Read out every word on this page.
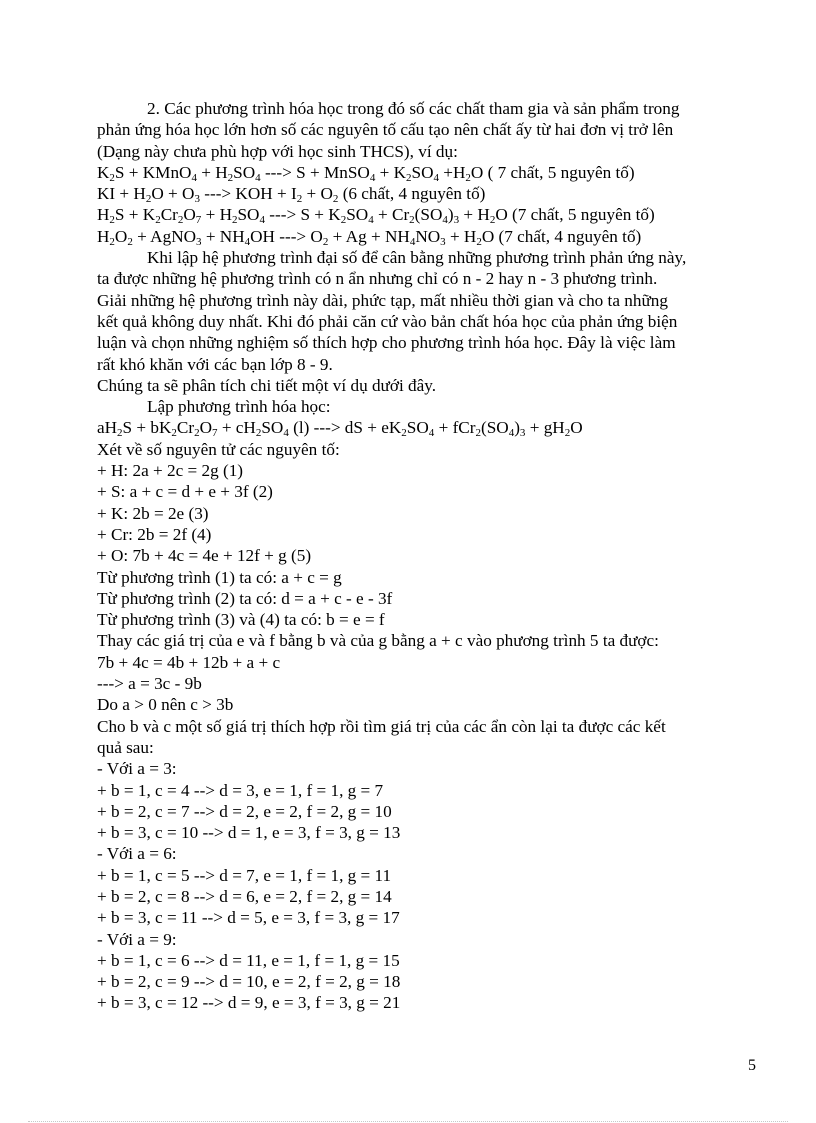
2. Các phương trình hóa học trong đó số các chất tham gia và sản phẩm trong
phản ứng hóa học lớn hơn số các nguyên tố cấu tạo nên chất ấy từ hai đơn vị trở lên
(Dạng này chưa phù hợp với học sinh THCS), ví dụ:
$K_2S$ + KMnO$_4$ + $H_2SO_4$ ---> S + MnSO$_4$ + $K_2SO_4 +H_2O$ ( 7 chất, 5 nguyên tố)
KI + $H_2O + O_3$ ---> KOH + $I_2 + O_2$ (6 chất, 4 nguyên tố)
$H_2S + K_2Cr_2O_7 + H_2SO_4$ ---> $S + K_2SO_4 + Cr_2(SO_4)_3 + H_2O$ (7 chất, 5 nguyên tố)
$H_2O_2$ + AgNO$_3$ + $NH_4OH$ ---> $O_2 + Ag + NH_4NO_3 + H_2O$ (7 chất, 4 nguyên tố)
Khi lập hệ phương trình đại số để cân bằng những phương trình phản ứng này,
ta được những hệ phương trình có n ẩn nhưng chỉ có n - 2 hay n - 3 phương trình.
Giải những hệ phương trình này dài, phức tạp, mất nhiều thời gian và cho ta những
kết quả không duy nhất. Khi đó phải căn cứ vào bản chất hóa học của phản ứng biện
luận và chọn những nghiệm số thích hợp cho phương trình hóa học. Đây là việc làm
rất khó khăn với các bạn lớp 8 - 9.
Chúng ta sẽ phân tích chi tiết một ví dụ dưới đây.
Lập phương trình hóa học:
$aH_2S + bK_2Cr_2O_7 + cH_2SO_4$ (l) ---> dS + $eK_2SO_4 + fCr_2(SO_4)_3 + gH_2O$
Xét về số nguyên tử các nguyên tố:
+ H: 2a + 2c = 2g (1)
+ S: a + c = d + e + 3f (2)
+ K: 2b = 2e (3)
+ Cr: 2b = 2f (4)
+ O: 7b + 4c = 4e + 12f + g (5)
Từ phương trình (1) ta có: a + c = g
Từ phương trình (2) ta có: d = a + c - e - 3f
Từ phương trình (3) và (4) ta có: b = e = f
Thay các giá trị của e và f bằng b và của g bằng a + c vào phương trình 5 ta được:
7b + 4c = 4b + 12b + a + c
---> a = 3c - 9b
Do a > 0 nên c > 3b
Cho b và c một số giá trị thích hợp rồi tìm giá trị của các ẩn còn lại ta được các kết
quả sau:
- Với a = 3:
+ b = 1, c = 4 --> d = 3, e = 1, f = 1, g = 7
+ b = 2, c = 7 --> d = 2, e = 2, f = 2, g = 10
+ b = 3, c = 10 --> d = 1, e = 3, f = 3, g = 13
- Với a = 6:
+ b = 1, c = 5 --> d = 7, e = 1, f = 1, g = 11
+ b = 2, c = 8 --> d = 6, e = 2, f = 2, g = 14
+ b = 3, c = 11 --> d = 5, e = 3, f = 3, g = 17
- Với a = 9:
+ b = 1, c = 6 --> d = 11, e = 1, f = 1, g = 15
+ b = 2, c = 9 --> d = 10, e = 2, f = 2, g = 18
+ b = 3, c = 12 --> d = 9, e = 3, f = 3, g = 21
5
